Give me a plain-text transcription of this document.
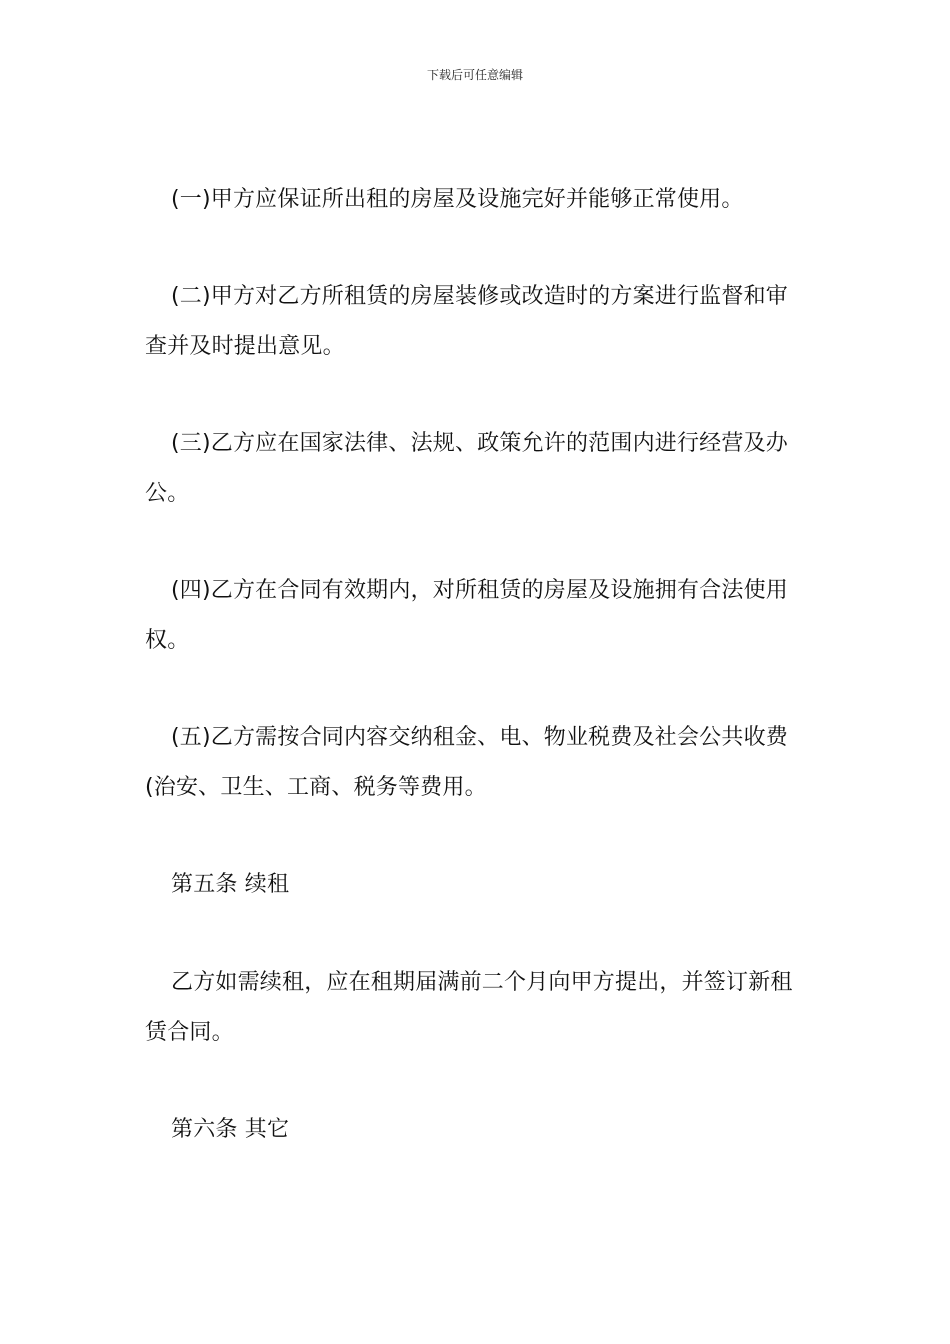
下载后可任意编辑

(一)甲方应保证所出租的房屋及设施完好并能够正常使用。

(二)甲方对乙方所租赁的房屋装修或改造时的方案进行监督和审查并及时提出意见。

(三)乙方应在国家法律、法规、政策允许的范围内进行经营及办公。

(四)乙方在合同有效期内，对所租赁的房屋及设施拥有合法使用权。

(五)乙方需按合同内容交纳租金、电、物业税费及社会公共收费(治安、卫生、工商、税务等费用。

第五条 续租

乙方如需续租，应在租期届满前二个月向甲方提出，并签订新租赁合同。

第六条 其它
